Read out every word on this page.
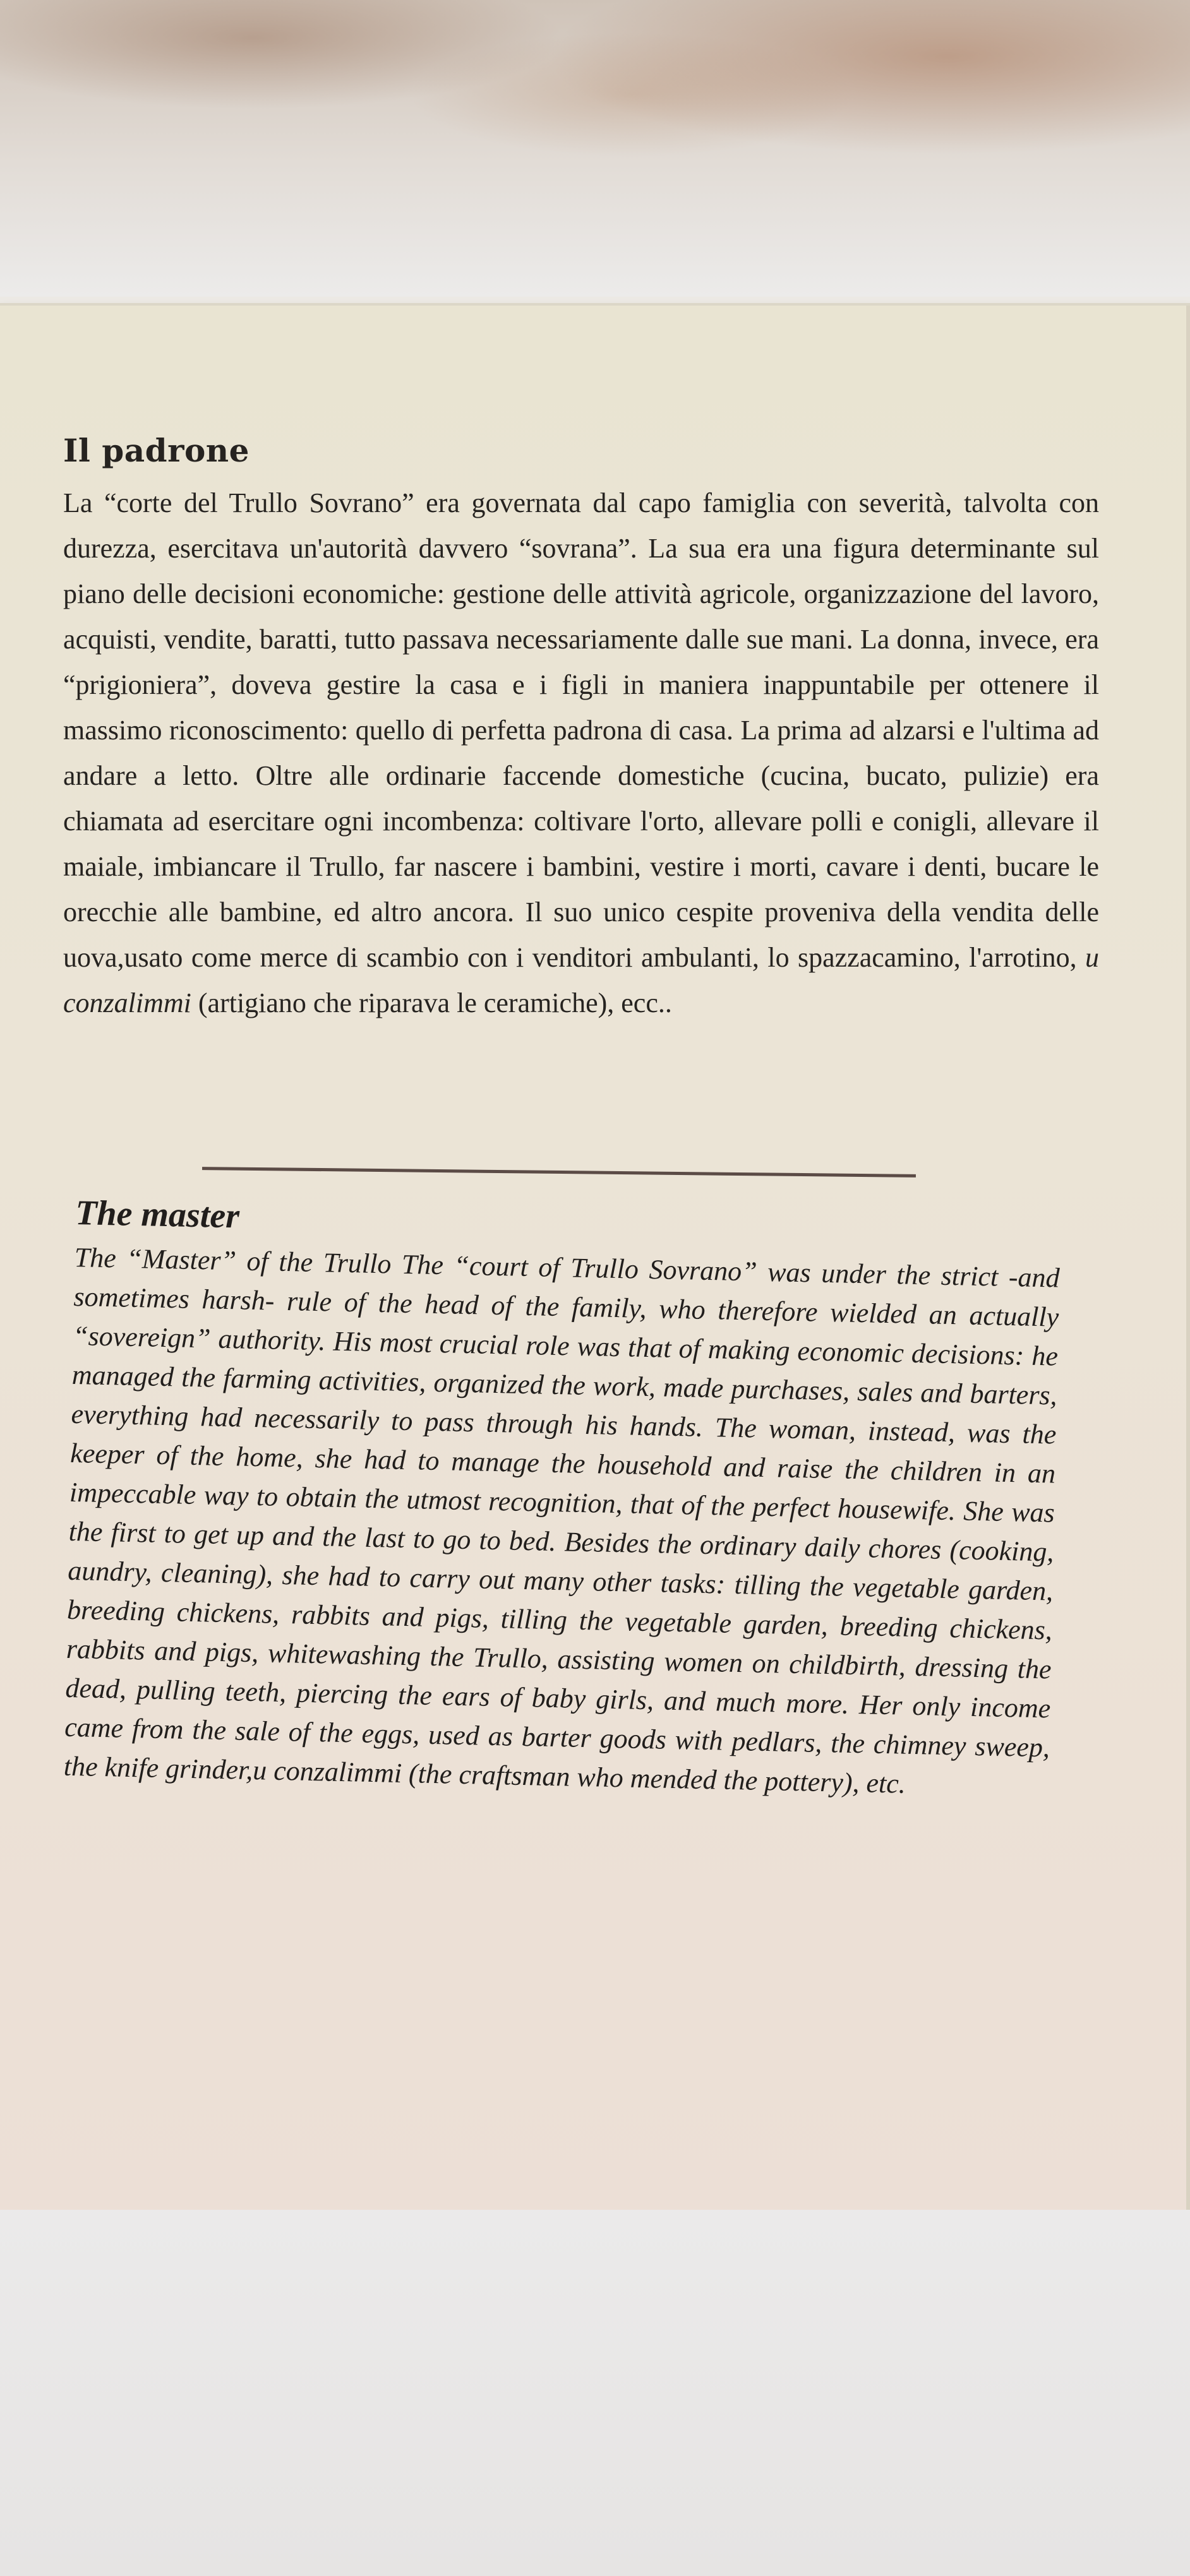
Il padrone

La “corte del Trullo Sovrano” era governata dal capo famiglia con severità, talvolta con durezza, esercitava un'autorità davvero “sovrana”. La sua era una figura determinante sul piano delle decisioni economiche: gestione delle attività agricole, organizzazione del lavoro, acquisti, vendite, baratti, tutto passava necessariamente dalle sue mani. La donna, invece, era “prigioniera”, doveva gestire la casa e i figli in maniera inappuntabile per ottenere il massimo riconoscimento: quello di perfetta padrona di casa. La prima ad alzarsi e l'ultima ad andare a letto. Oltre alle ordinarie faccende domestiche (cucina, bucato, pulizie) era chiamata ad esercitare ogni incombenza: coltivare l'orto, allevare polli e conigli, allevare il maiale, imbiancare il Trullo, far nascere i bambini, vestire i morti, cavare i denti, bucare le orecchie alle bambine, ed altro ancora. Il suo unico cespite proveniva della vendita delle uova,usato come merce di scambio con i venditori ambulanti, lo spazzacamino, l'arrotino, u conzalimmi (artigiano che riparava le ceramiche), ecc..

The master

The “Master” of the Trullo The “court of Trullo Sovrano” was under the strict -and sometimes harsh- rule of the head of the family, who therefore wielded an actually “sovereign” authority. His most crucial role was that of making economic decisions: he managed the farming activities, organized the work, made purchases, sales and barters, everything had necessarily to pass through his hands. The woman, instead, was the keeper of the home, she had to manage the household and raise the children in an impeccable way to obtain the utmost recognition, that of the perfect housewife. She was the first to get up and the last to go to bed. Besides the ordinary daily chores (cooking, aundry, cleaning), she had to carry out many other tasks: tilling the vegetable garden, breeding chickens, rabbits and pigs, tilling the vegetable garden, breeding chickens, rabbits and pigs, whitewashing the Trullo, assisting women on childbirth, dressing the dead, pulling teeth, piercing the ears of baby girls, and much more. Her only income came from the sale of the eggs, used as barter goods with pedlars, the chimney sweep, the knife grinder,u conzalimmi (the craftsman who mended the pottery), etc.
